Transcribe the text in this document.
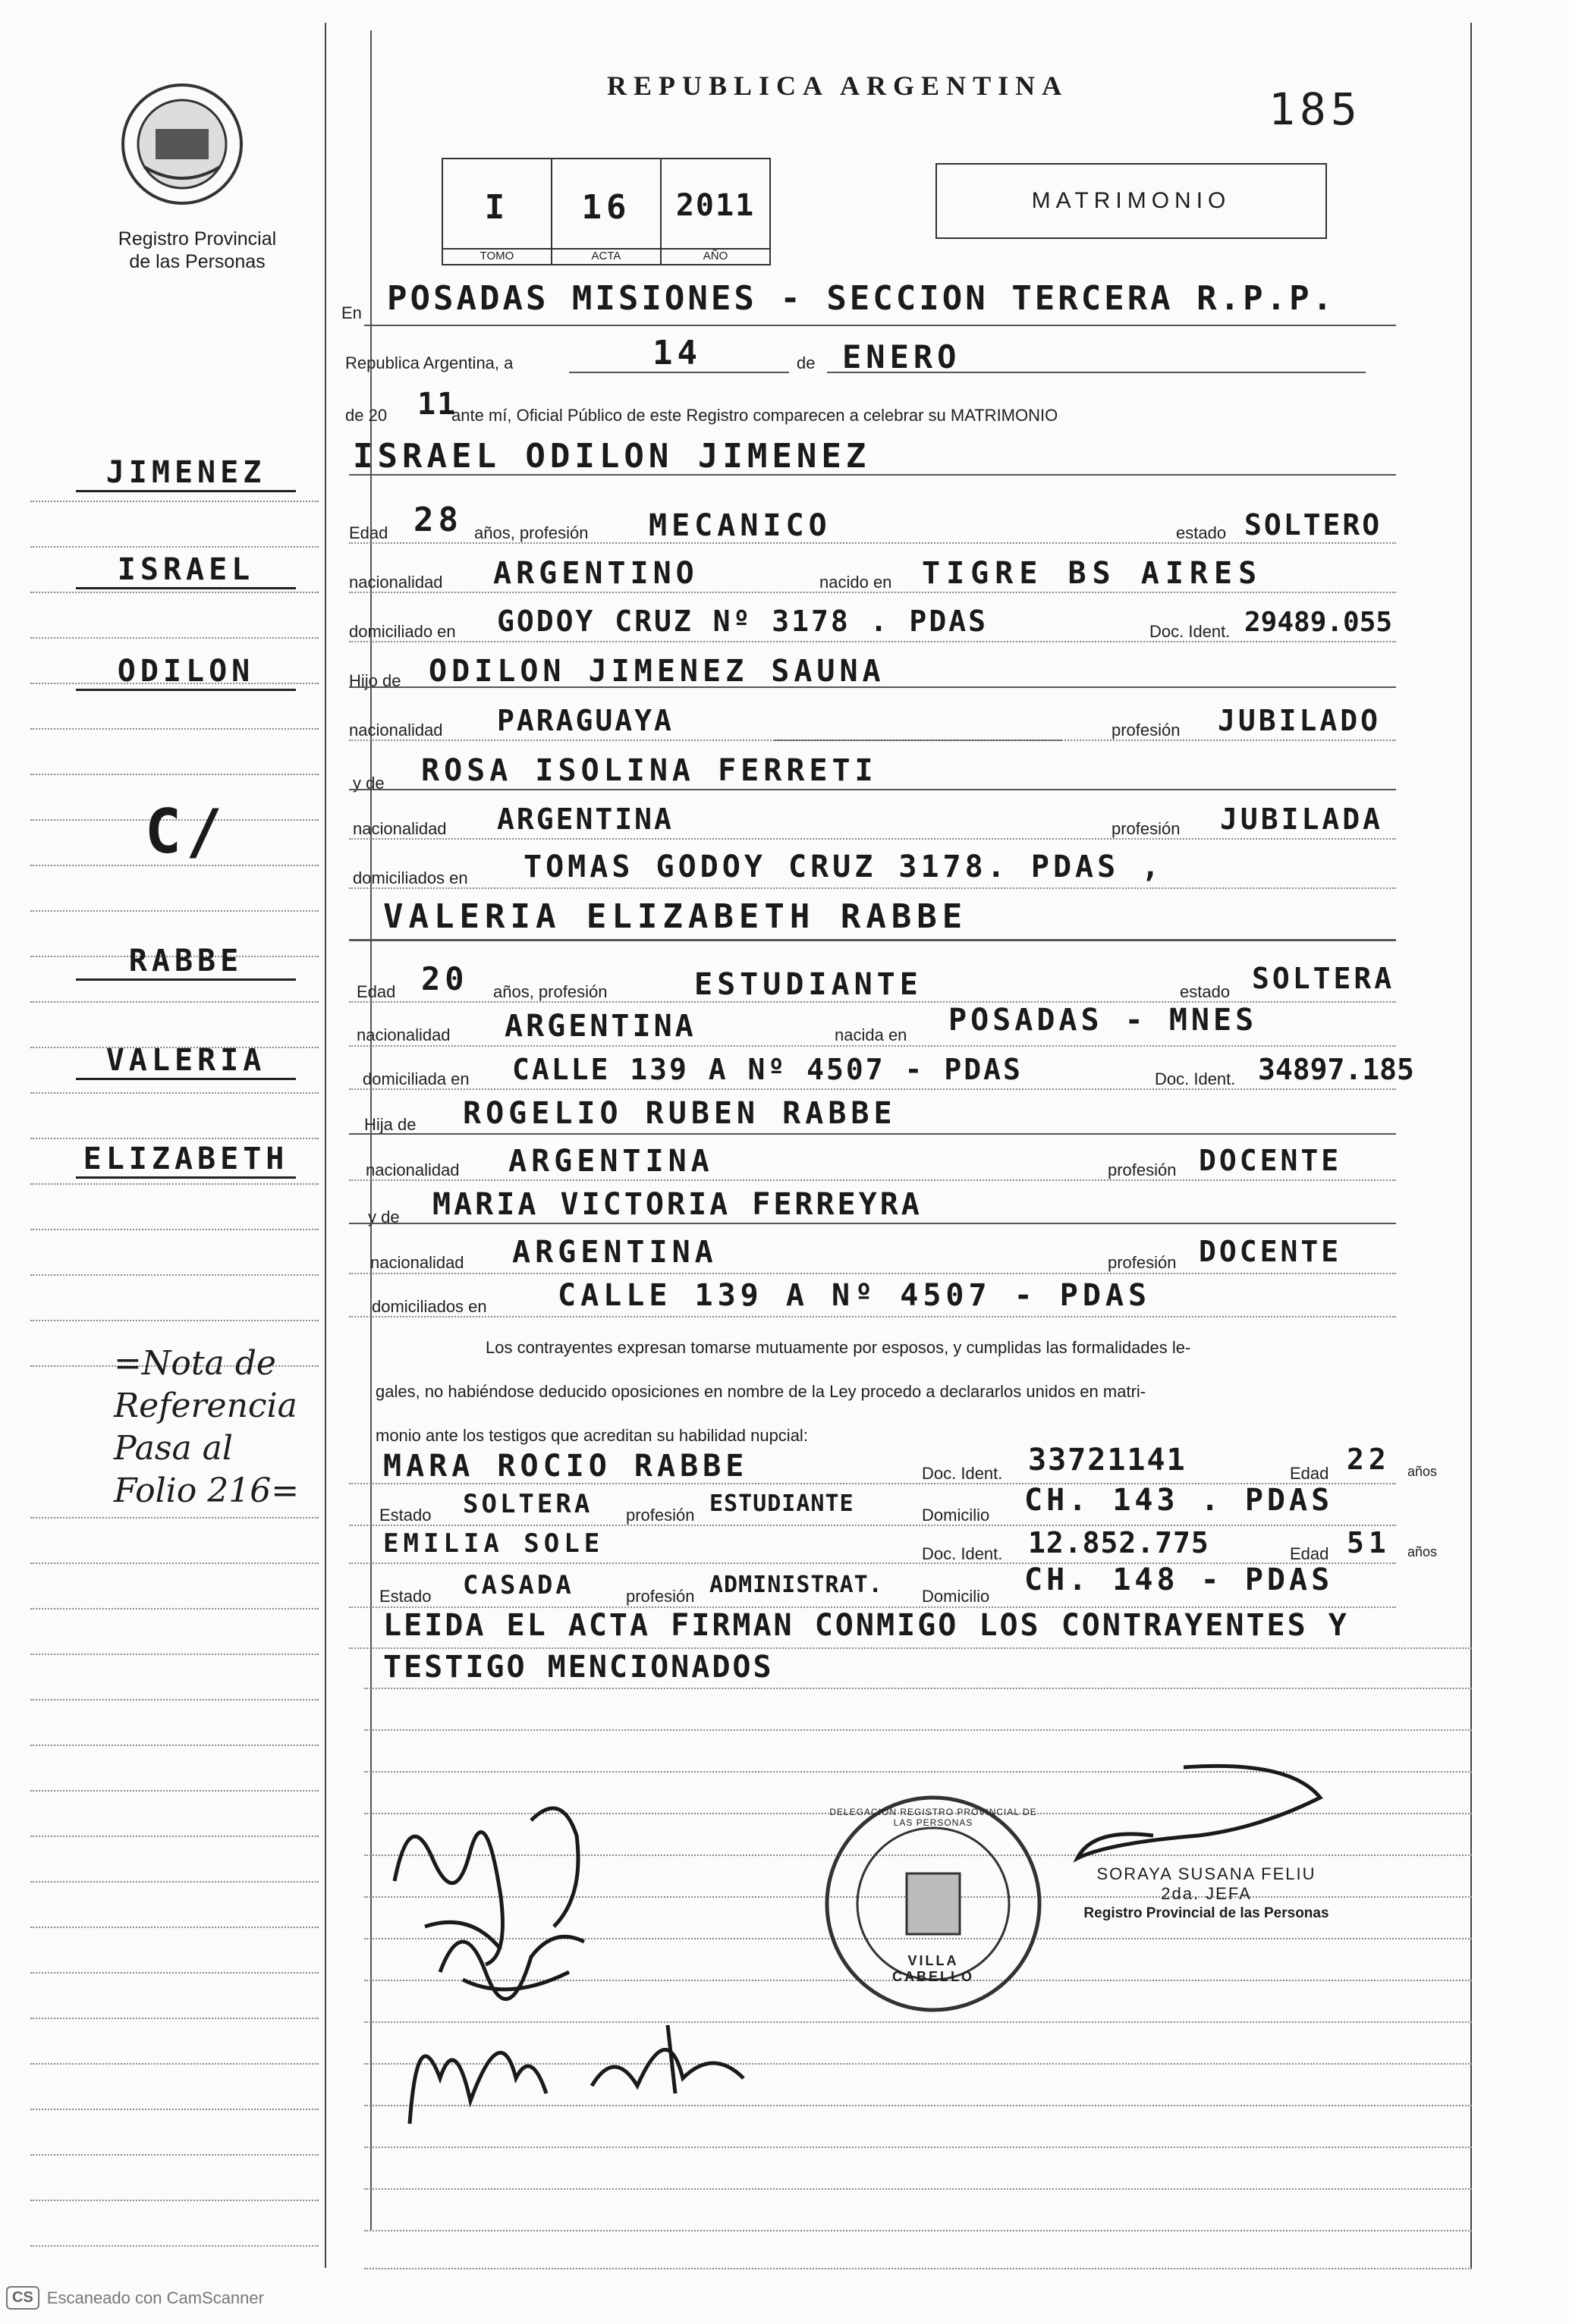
Registro Provincial
de las Personas
REPUBLICA ARGENTINA	185
I
TOMO
16
ACTA
2011
AÑO
MATRIMONIO
En POSADAS MISIONES - SECCION TERCERA R.P.P.
Republica Argentina, a	14	de ENERO
de 20 11
ante mí, Oficial Público de este Registro comparecen a celebrar su MATRIMONIO
ISRAEL ODILON JIMENEZ
Edad 28 años, profesión MECANICO	estado SOLTERO
nacionalidad ARGENTINO	nacido en TIGRE BS AIRES
domiciliado en GODOY CRUZ Nº 3178 . PDAS	Doc. Ident. 29489.055
Hijo de ODILON JIMENEZ SAUNA
nacionalidad PARAGUAYA	profesión JUBILADO
y de ROSA ISOLINA FERRETI
nacionalidad ARGENTINA	profesión JUBILADA
domiciliados en TOMAS GODOY CRUZ 3178. PDAS ,
VALERIA ELIZABETH RABBE
Edad 20 años, profesión	ESTUDIANTE	estado SOLTERA
nacionalidad ARGENTINA	nacida en POSADAS - MNES
domiciliada en CALLE 139 A Nº 4507 - PDAS	Doc. Ident. 34897.185
Hija de ROGELIO RUBEN RABBE
nacionalidad ARGENTINA	profesión DOCENTE
y de MARIA VICTORIA FERREYRA
nacionalidad ARGENTINA	profesión DOCENTE
domiciliados en CALLE 139 A Nº 4507 - PDAS
Los contrayentes expresan tomarse mutuamente por esposos, y cumplidas las formalidades le-
gales, no habiéndose deducido oposiciones en nombre de la Ley procedo a declararlos unidos en matri-
monio ante los testigos que acreditan su habilidad nupcial:
MARA ROCIO RABBE	Doc. Ident. 33721141	Edad 22 años
Estado SOLTERA profesión ESTUDIANTE	Domicilio CH. 143 . PDAS
EMILIA SOLE	Doc. Ident. 12.852.775	Edad 51 años
Estado CASADA	profesión ADMINISTRAT. Domicilio CH. 148 - PDAS
LEIDA EL ACTA FIRMAN CONMIGO LOS CONTRAYENTES Y
TESTIGO MENCIONADOS
JIMENEZ
ISRAEL
ODILON
C/
RABBE
VALERIA
ELIZABETH
=Nota de
Referencia
Pasa al
Folio 216=
DELEGACION REGISTRO PROVINCIAL DE LAS PERSONAS
VILLA CABELLO
SORAYA SUSANA FELIU
2da. JEFA
Registro Provincial de las Personas
CS Escaneado con CamScanner
